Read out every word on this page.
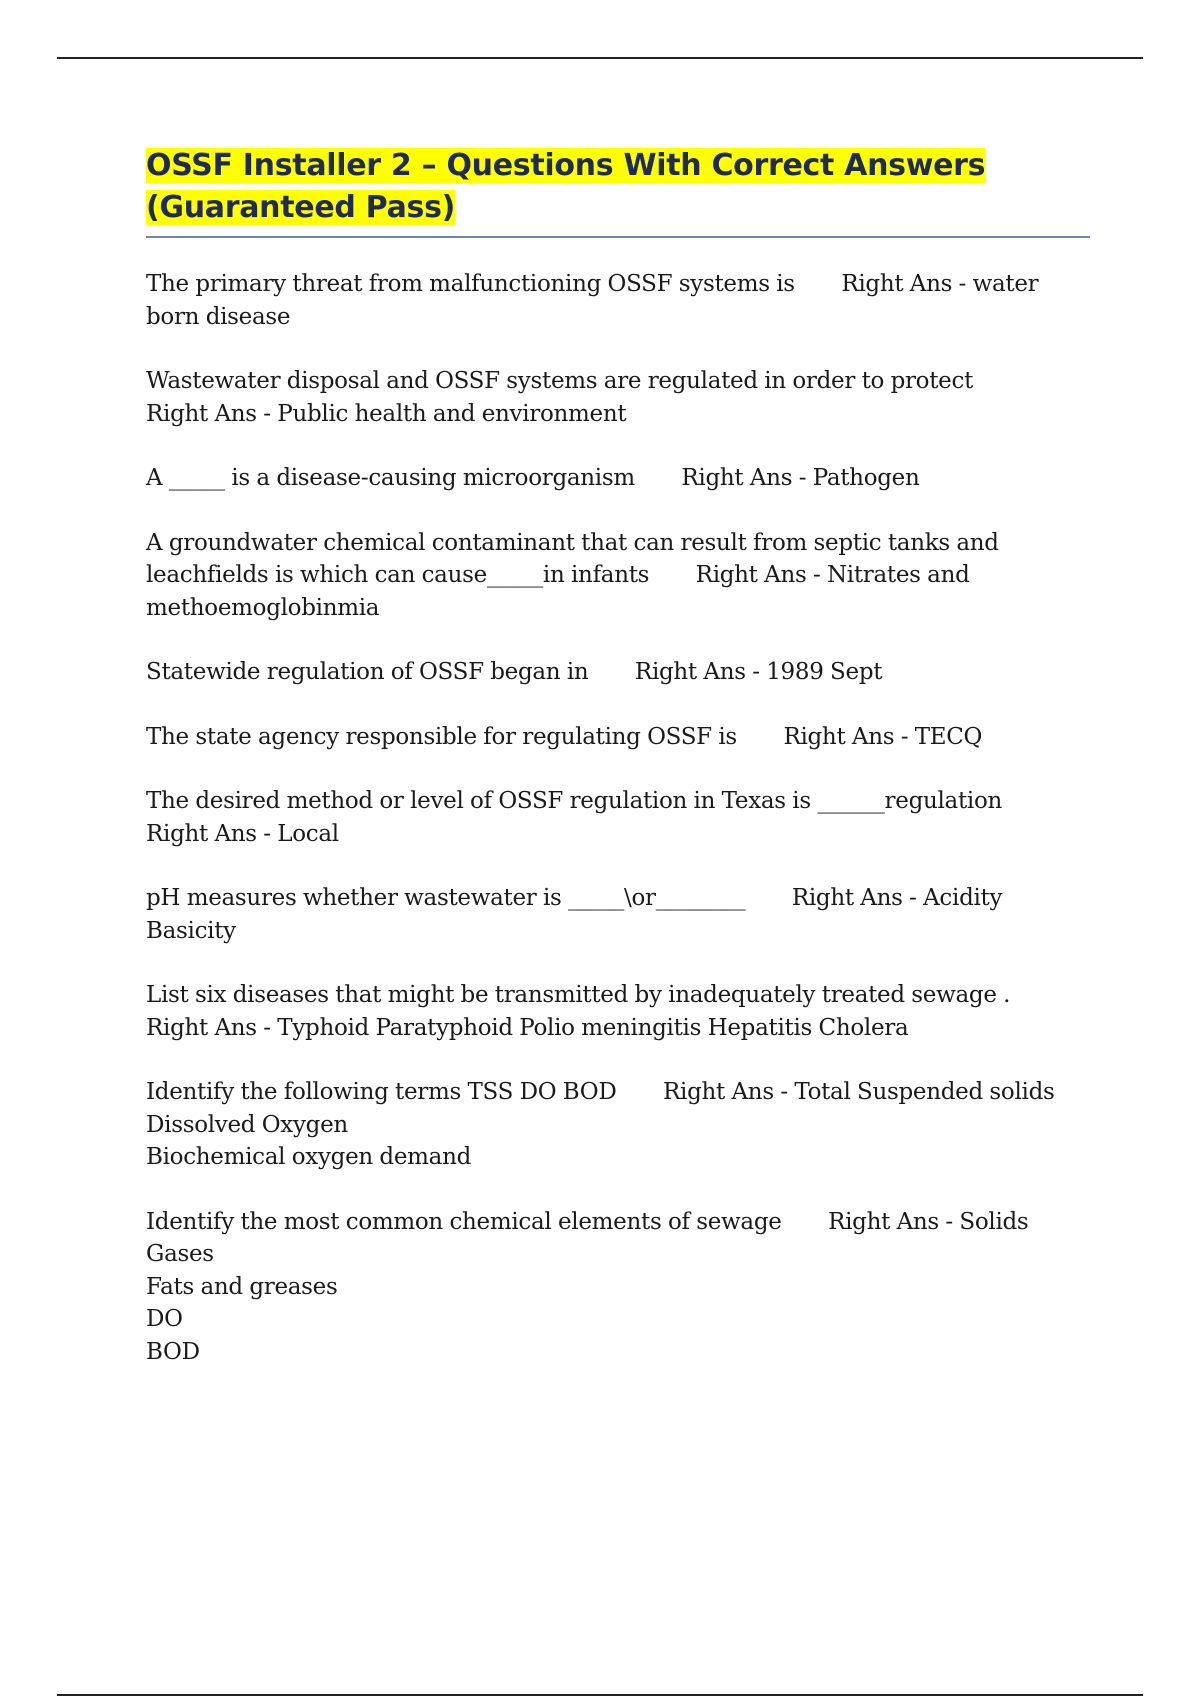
OSSF Installer 2 – Questions With Correct Answers
(Guaranteed Pass)

The primary threat from malfunctioning OSSF systems is Right Ans - water born disease

Wastewater disposal and OSSF systems are regulated in order to protect
Right Ans - Public health and environment

A _____ is a disease-causing microorganism Right Ans - Pathogen

A groundwater chemical contaminant that can result from septic tanks and leachfields is which can cause_____in infants Right Ans - Nitrates and methoemoglobinmia

Statewide regulation of OSSF began in Right Ans - 1989 Sept

The state agency responsible for regulating OSSF is Right Ans - TECQ

The desired method or level of OSSF regulation in Texas is ______regulation
Right Ans - Local

pH measures whether wastewater is _____\or________ Right Ans - Acidity Basicity

List six diseases that might be transmitted by inadequately treated sewage .
Right Ans - Typhoid Paratyphoid Polio meningitis Hepatitis Cholera

Identify the following terms TSS DO BOD Right Ans - Total Suspended solids
Dissolved Oxygen
Biochemical oxygen demand

Identify the most common chemical elements of sewage Right Ans - Solids Gases
Fats and greases
DO
BOD
